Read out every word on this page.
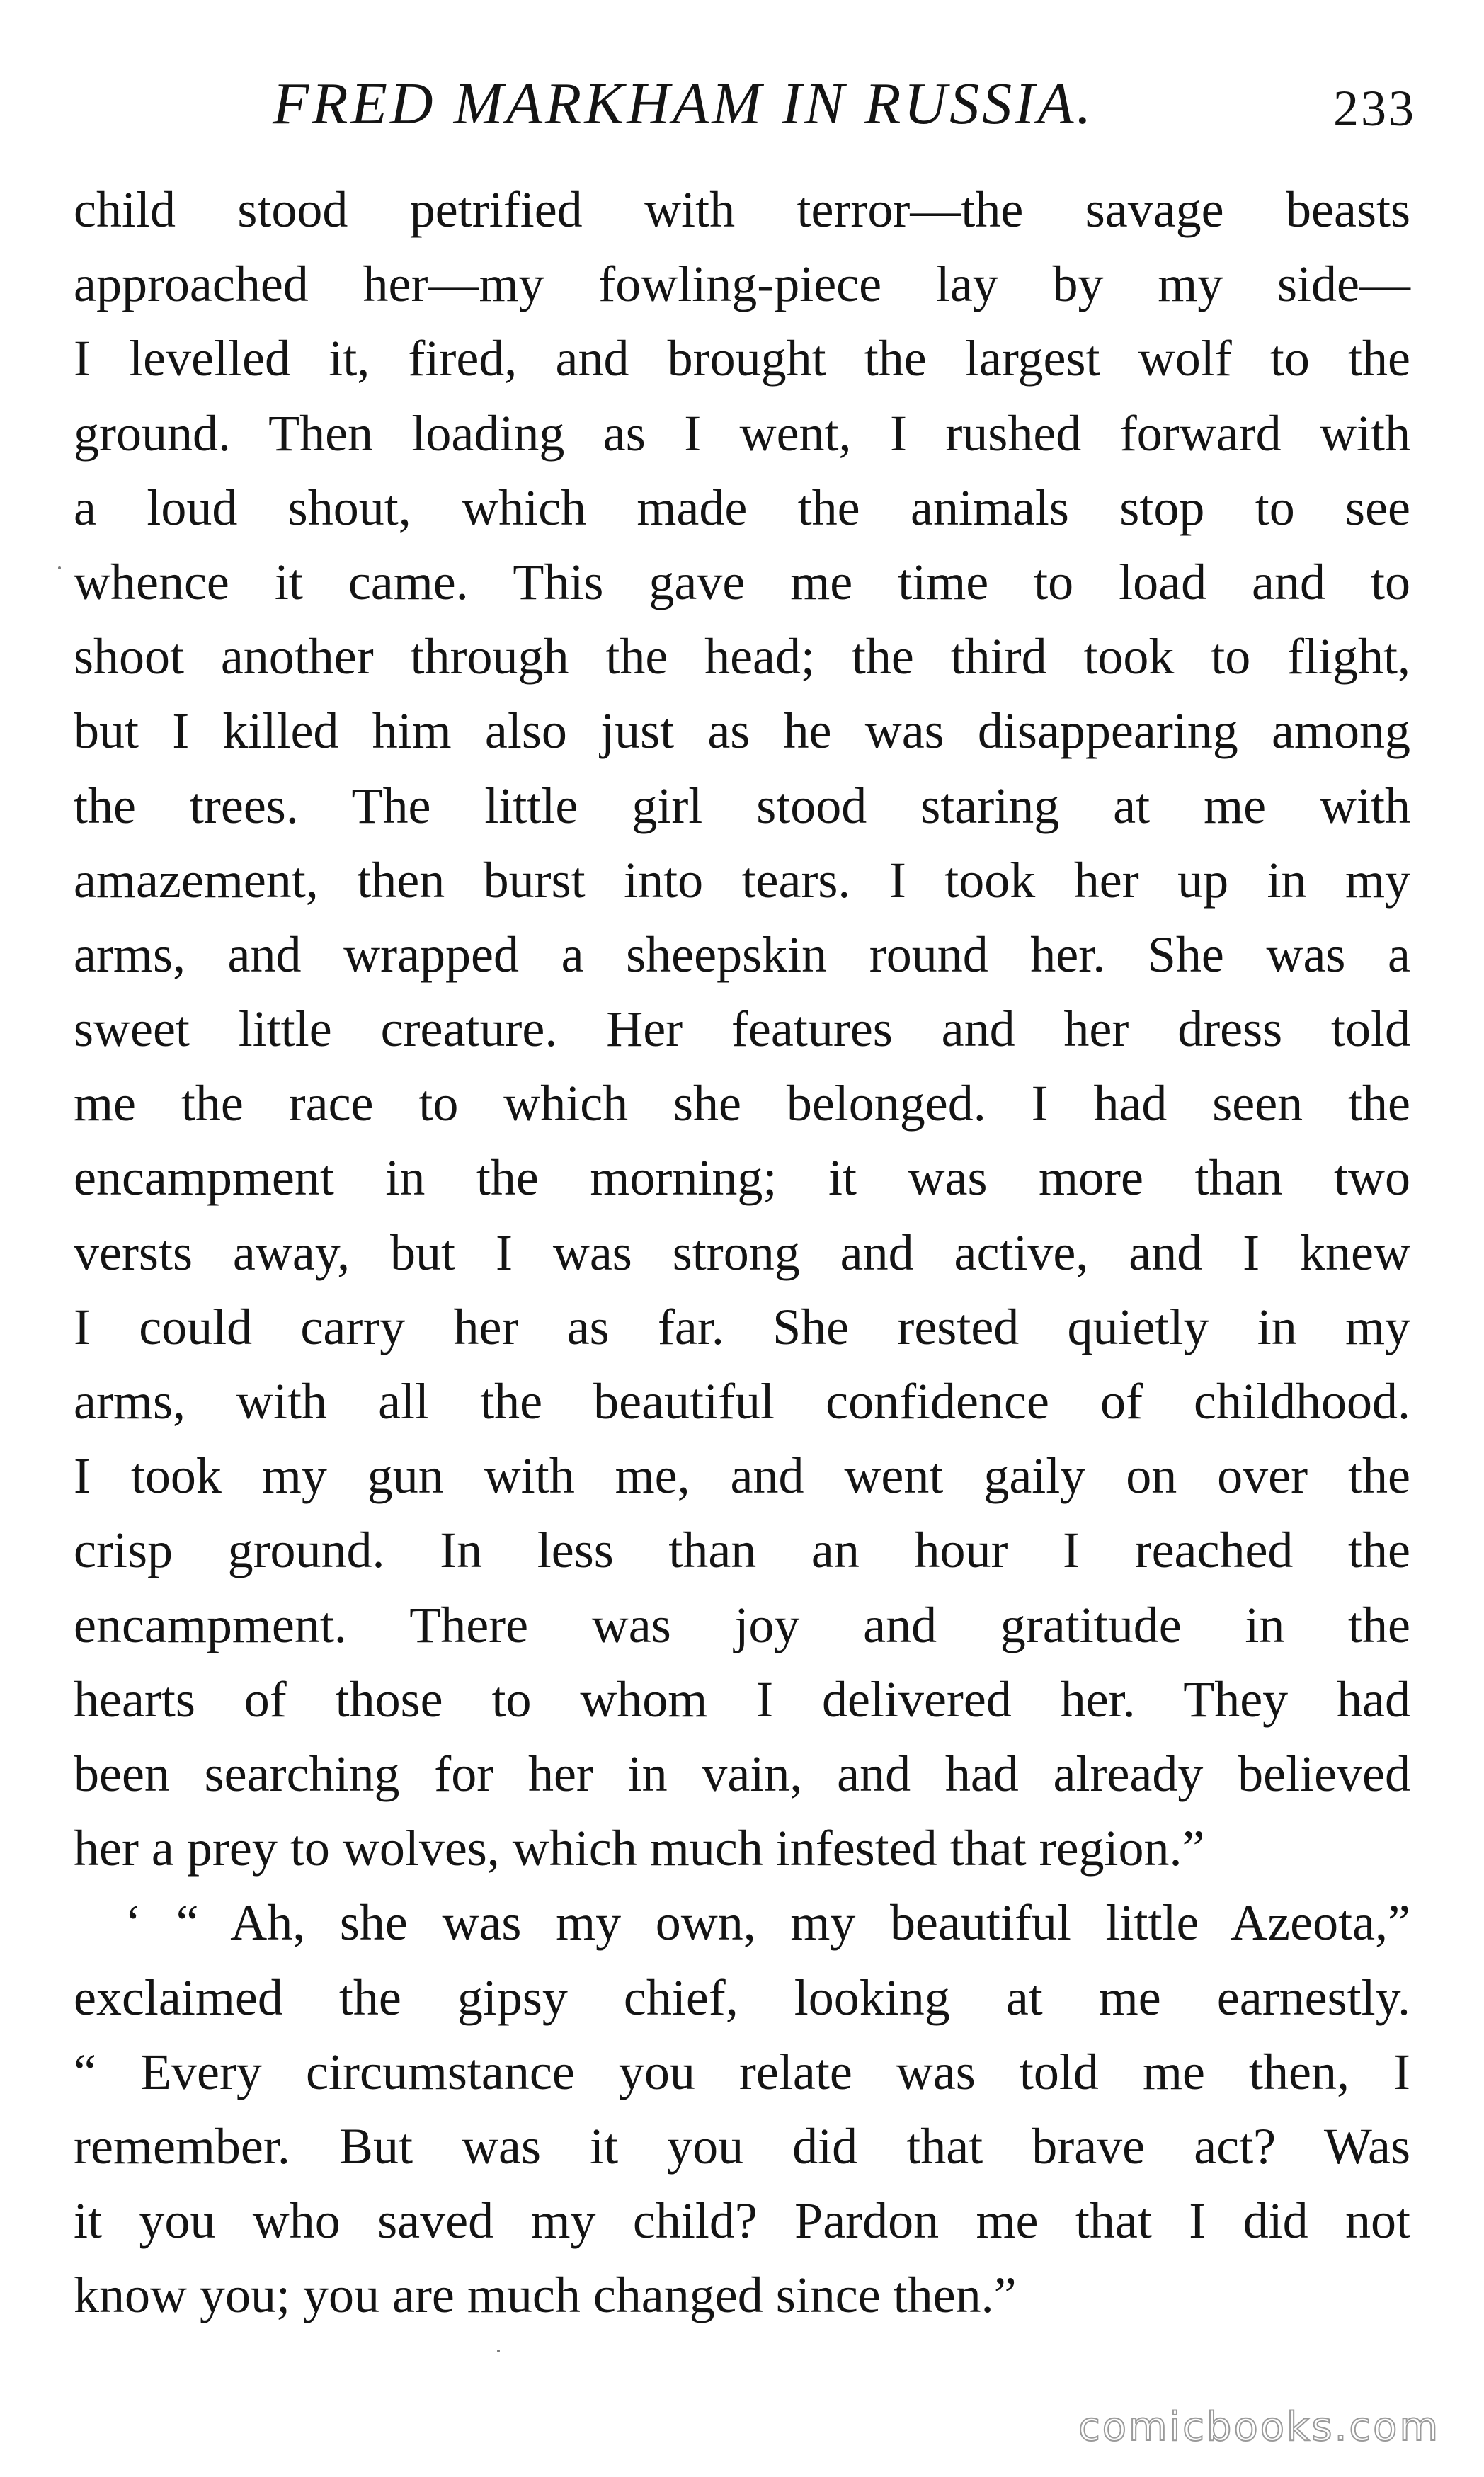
FRED MARKHAM IN RUSSIA.	233
child stood petrified with terror—the savage beasts
approached her—my fowling-piece lay by my side—
I levelled it, fired, and brought the largest wolf to the
ground. Then loading as I went, I rushed forward with
a loud shout, which made the animals stop to see
whence it came. This gave me time to load and to
shoot another through the head; the third took to flight,
but I killed him also just as he was disappearing among
the trees. The little girl stood staring at me with
amazement, then burst into tears. I took her up in my
arms, and wrapped a sheepskin round her. She was a
sweet little creature. Her features and her dress told
me the race to which she belonged. I had seen the
encampment in the morning; it was more than two
versts away, but I was strong and active, and I knew
I could carry her as far. She rested quietly in my
arms, with all the beautiful confidence of childhood.
I took my gun with me, and went gaily on over the
crisp ground. In less than an hour I reached the
encampment. There was joy and gratitude in the
hearts of those to whom I delivered her. They had
been searching for her in vain, and had already believed
her a prey to wolves, which much infested that region.”
‘ “ Ah, she was my own, my beautiful little Azeota,”
exclaimed the gipsy chief, looking at me earnestly.
“ Every circumstance you relate was told me then, I
remember. But was it you did that brave act? Was
it you who saved my child? Pardon me that I did not
know you; you are much changed since then.”
comicbooks.com
